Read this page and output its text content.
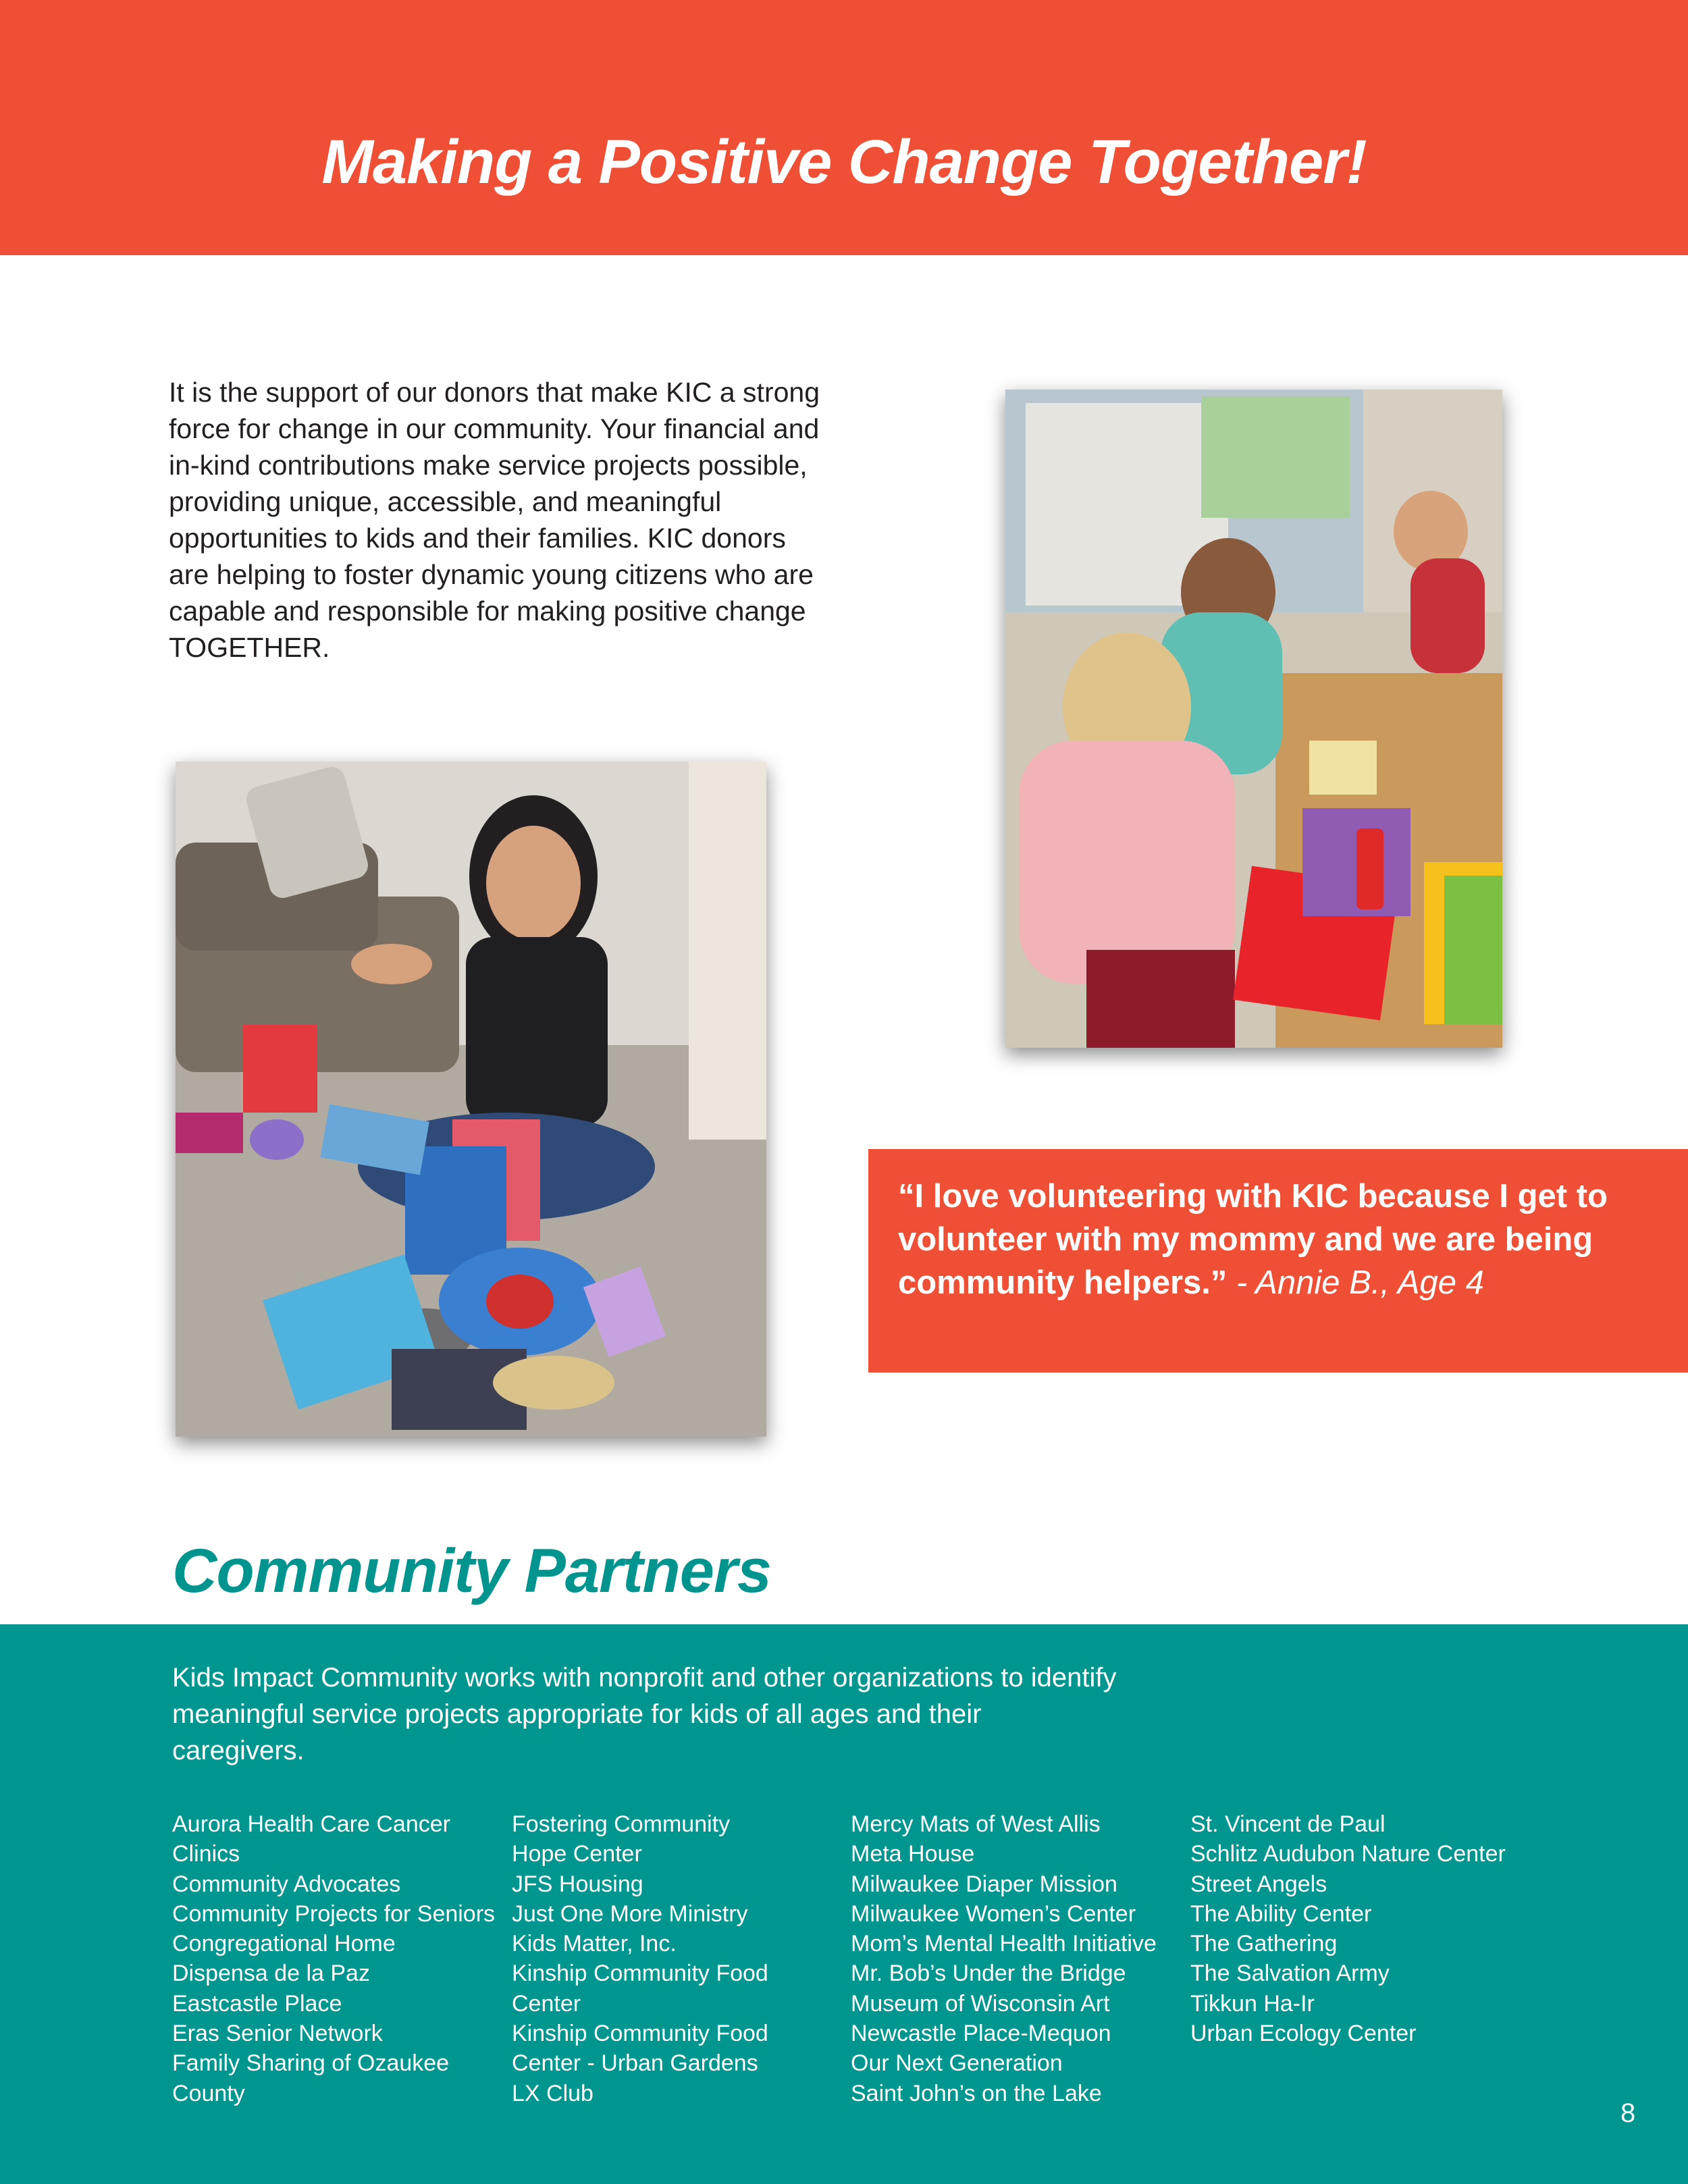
Making a Positive Change Together!
It is the support of our donors that make KIC a strong force for change in our community. Your financial and in-kind contributions make service projects possible, providing unique, accessible, and meaningful opportunities to kids and their families. KIC donors are helping to foster dynamic young citizens who are capable and responsible for making positive change TOGETHER.
“I love volunteering with KIC because I get to volunteer with my mommy and we are being community helpers.” - Annie B., Age 4
Community Partners
Kids Impact Community works with nonprofit and other organizations to identify meaningful service projects appropriate for kids of all ages and their caregivers.
Aurora Health Care Cancer
Clinics
Community Advocates
Community Projects for Seniors
Congregational Home
Dispensa de la Paz
Eastcastle Place
Eras Senior Network
Family Sharing of Ozaukee
County
Fostering Community
Hope Center
JFS Housing
Just One More Ministry
Kids Matter, Inc.
Kinship Community Food
Center
Kinship Community Food
Center - Urban Gardens
LX Club
Mercy Mats of West Allis
Meta House
Milwaukee Diaper Mission
Milwaukee Women’s Center
Mom’s Mental Health Initiative
Mr. Bob’s Under the Bridge
Museum of Wisconsin Art
Newcastle Place-Mequon
Our Next Generation
Saint John’s on the Lake
St. Vincent de Paul
Schlitz Audubon Nature Center
Street Angels
The Ability Center
The Gathering
The Salvation Army
Tikkun Ha-Ir
Urban Ecology Center
8
